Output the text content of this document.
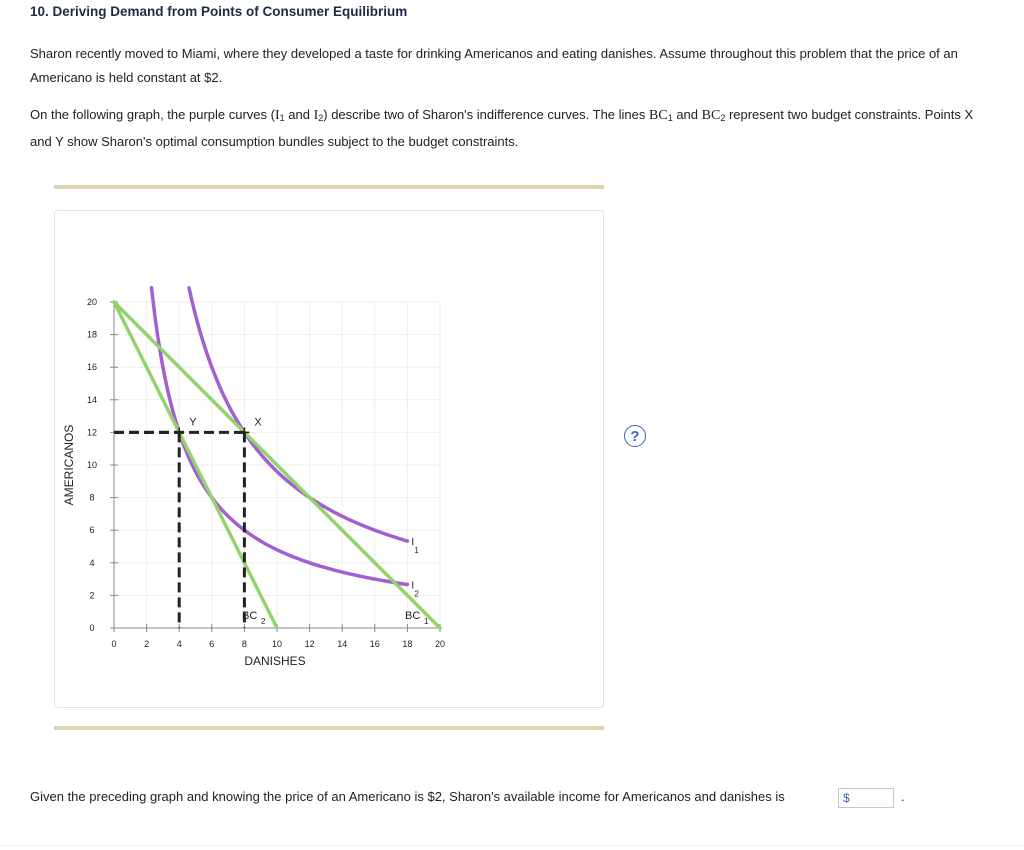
10. Deriving Demand from Points of Consumer Equilibrium
Sharon recently moved to Miami, where they developed a taste for drinking Americanos and eating danishes. Assume throughout this problem that the price of an Americano is held constant at $2.
On the following graph, the purple curves ($I_1$ and $I_2$) describe two of Sharon's indifference curves. The lines $BC_1$ and $BC_2$ represent two budget constraints. Points X and Y show Sharon's optimal consumption bundles subject to the budget constraints.
?
0	2	4	6	8	10	12	14	16	18	20
0
2
4
6
8
10
12
14
16
18
20
DANISHES
AMERICANOS
I
1
I
2
BC 1
BC 2
X
Y
Given the preceding graph and knowing the price of an Americano is $2, Sharon's available income for Americanos and danishes is	$	.
